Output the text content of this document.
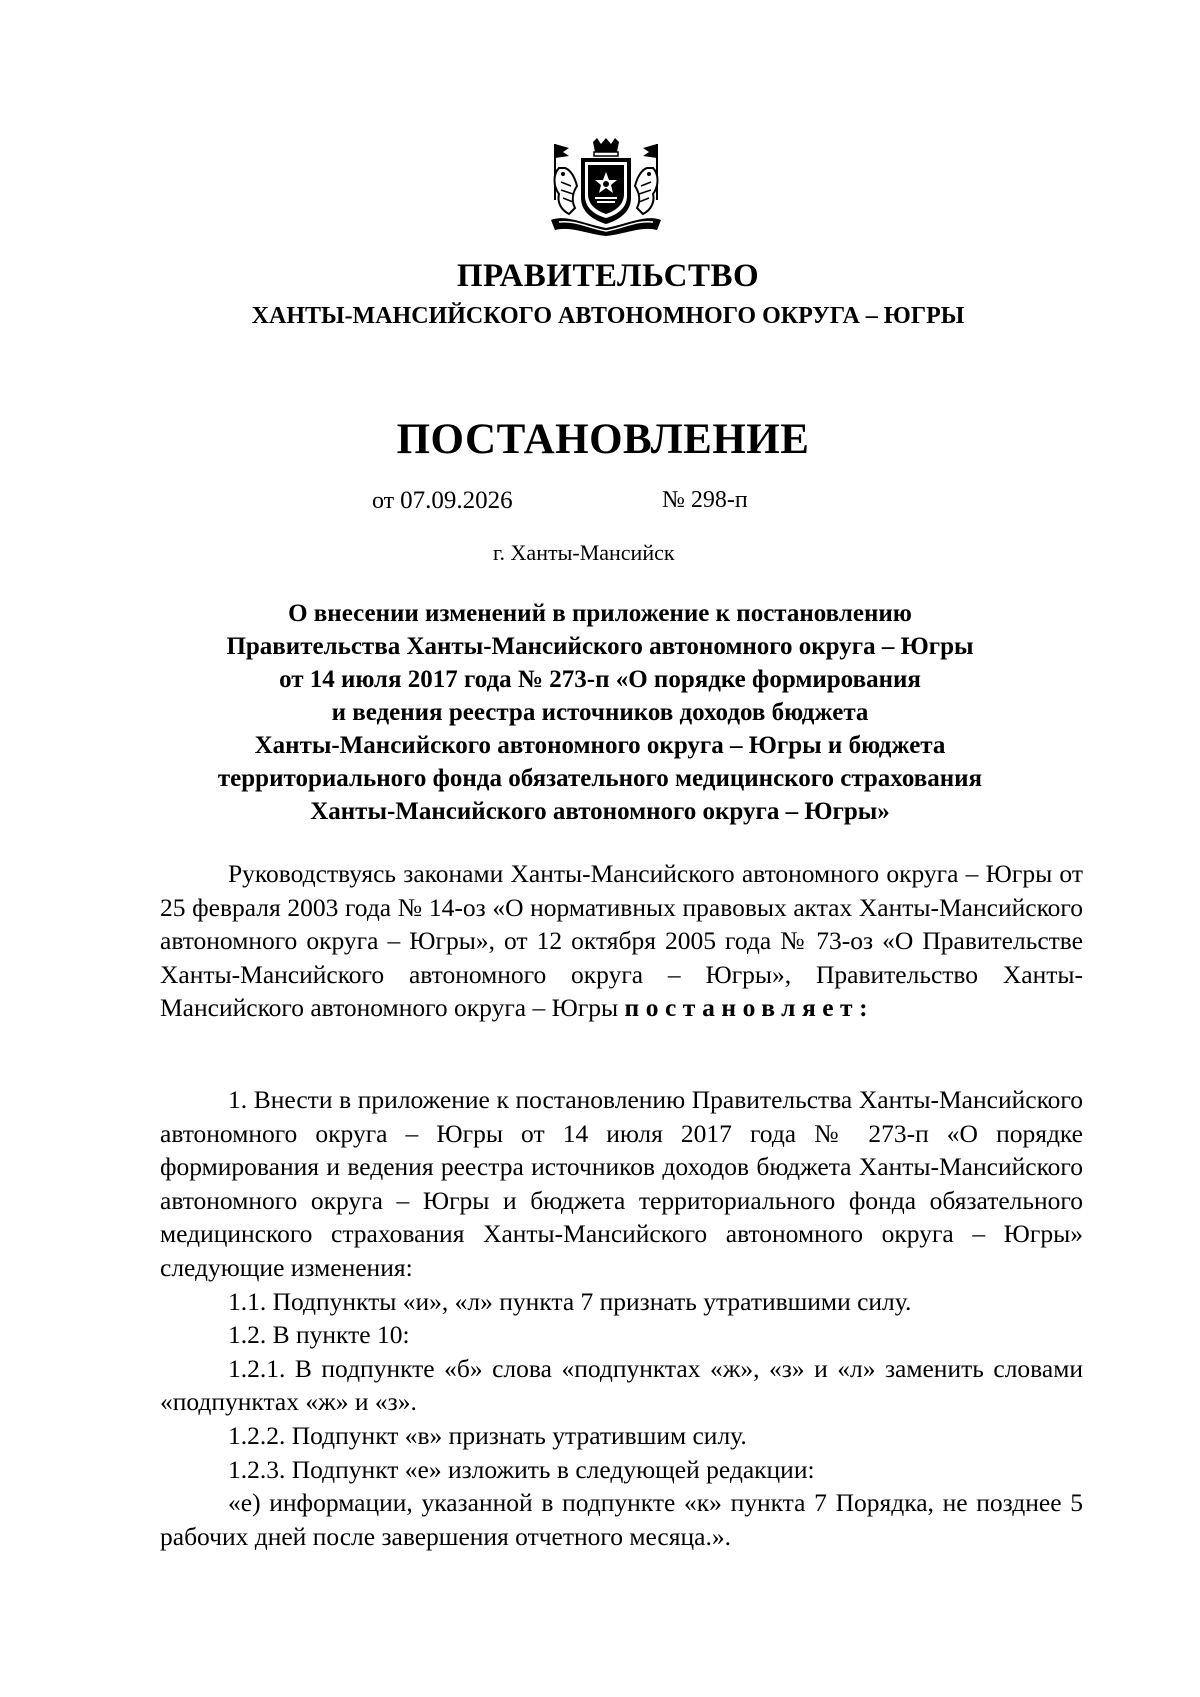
ПРАВИТЕЛЬСТВО
ХАНТЫ-МАНСИЙСКОГО АВТОНОМНОГО ОКРУГА – ЮГРЫ
ПОСТАНОВЛЕНИЕ
от 07.09.2026	№ 298-п
г. Ханты-Мансийск
О внесении изменений в приложение к постановлению
Правительства Ханты-Мансийского автономного округа – Югры
от 14 июля 2017 года № 273-п «О порядке формирования
и ведения реестра источников доходов бюджета
Ханты-Мансийского автономного округа – Югры и бюджета
территориального фонда обязательного медицинского страхования
Ханты-Мансийского автономного округа – Югры»

Руководствуясь законами Ханты-Мансийского автономного округа – Югры от 25 февраля 2003 года № 14-оз «О нормативных правовых актах Ханты-Мансийского автономного округа – Югры», от 12 октября 2005 года № 73-оз «О Правительстве Ханты-Мансийского автономного округа – Югры», Правительство Ханты-Мансийского автономного округа – Югры постановляет:

1. Внести в приложение к постановлению Правительства Ханты-Мансийского автономного округа – Югры от 14 июля 2017 года № 273-п «О порядке формирования и ведения реестра источников доходов бюджета Ханты-Мансийского автономного округа – Югры и бюджета территориального фонда обязательного медицинского страхования Ханты-Мансийского автономного округа – Югры» следующие изменения:

1.1. Подпункты «и», «л» пункта 7 признать утратившими силу.

1.2. В пункте 10:

1.2.1. В подпункте «б» слова «подпунктах «ж», «з» и «л» заменить словами «подпунктах «ж» и «з».

1.2.2. Подпункт «в» признать утратившим силу.

1.2.3. Подпункт «е» изложить в следующей редакции:

«е) информации, указанной в подпункте «к» пункта 7 Порядка, не позднее 5 рабочих дней после завершения отчетного месяца.».
